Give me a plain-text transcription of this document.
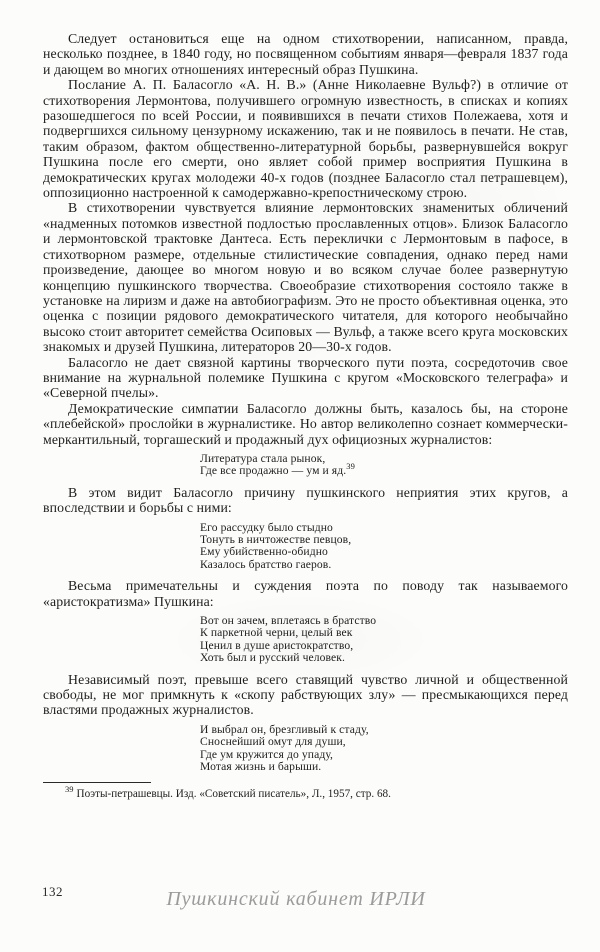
Следует остановиться еще на одном стихотворении, написанном, правда, несколько позднее, в 1840 году, но посвященном событиям января—февраля 1837 года и дающем во многих отношениях интересный образ Пушкина.

Послание А. П. Баласогло «А. Н. В.» (Анне Николаевне Вульф?) в отличие от стихотворения Лермонтова, получившего огромную известность, в списках и копиях разошедшегося по всей России, и появившихся в печати стихов Полежаева, хотя и подвергшихся сильному цензурному искажению, так и не появилось в печати. Не став, таким образом, фактом общественно-литературной борьбы, развернувшейся вокруг Пушкина после его смерти, оно являет собой пример восприятия Пушкина в демократических кругах молодежи 40-х годов (позднее Баласогло стал петрашевцем), оппозиционно настроенной к самодержавно-крепостническому строю.

В стихотворении чувствуется влияние лермонтовских знаменитых обличений «надменных потомков известной подлостью прославленных отцов». Близок Баласогло и лермонтовской трактовке Дантеса. Есть переклички с Лермонтовым в пафосе, в стихотворном размере, отдельные стилистические совпадения, однако перед нами произведение, дающее во многом новую и во всяком случае более развернутую концепцию пушкинского творчества. Своеобразие стихотворения состояло также в установке на лиризм и даже на автобиографизм. Это не просто объективная оценка, это оценка с позиции рядового демократического читателя, для которого необычайно высоко стоит авторитет семейства Осиповых — Вульф, а также всего круга московских знакомых и друзей Пушкина, литераторов 20—30-х годов.

Баласогло не дает связной картины творческого пути поэта, сосредоточив свое внимание на журнальной полемике Пушкина с кругом «Московского телеграфа» и «Северной пчелы».

Демократические симпатии Баласогло должны быть, казалось бы, на стороне «плебейской» прослойки в журналистике. Но автор великолепно сознает коммерчески-меркантильный, торгашеский и продажный дух официозных журналистов:

Литература стала рынок,
Где все продажно — ум и яд.$^{39}$

В этом видит Баласогло причину пушкинского неприятия этих кругов, а впоследствии и борьбы с ними:

Его рассудку было стыдно
Тонуть в ничтожестве певцов,
Ему убийственно-обидно
Казалось братство гаеров.

Весьма примечательны и суждения поэта по поводу так называемого «аристократизма» Пушкина:

Вот он зачем, вплетаясь в братство
К паркетной черни, целый век
Ценил в душе аристократство,
Хоть был и русский человек.

Независимый поэт, превыше всего ставящий чувство личной и общественной свободы, не мог примкнуть к «скопу рабствующих злу» — пресмыкающихся перед властями продажных журналистов.

И выбрал он, брезгливый к стаду,
Сноснейший омут для души,
Где ум кружится до упаду,
Мотая жизнь и барыши.
$^{39}$ Поэты-петрашевцы. Изд. «Советский писатель», Л., 1957, стр. 68.
132	Пушкинский кабинет ИРЛИ
